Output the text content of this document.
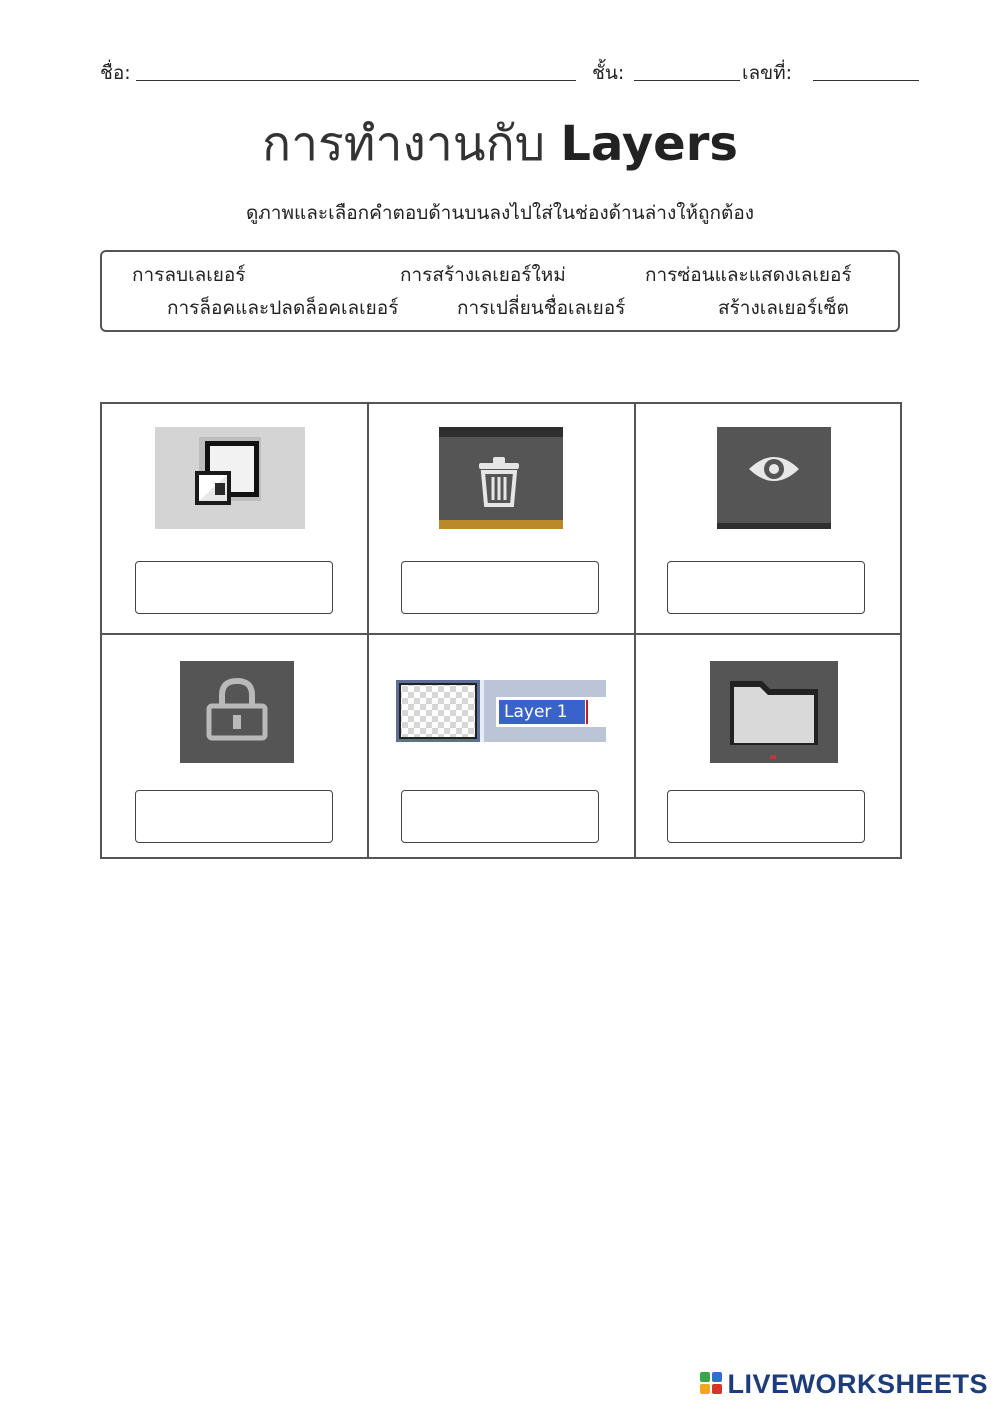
ชื่อ:	ชั้น:	เลขที่:
การทำงานกับ Layers
ดูภาพและเลือกคำตอบด้านบนลงไปใส่ในช่องด้านล่างให้ถูกต้อง
การลบเลเยอร์	การสร้างเลเยอร์ใหม่	การซ่อนและแสดงเลเยอร์
การล็อคและปลดล็อคเลเยอร์	การเปลี่ยนชื่อเลเยอร์	สร้างเลเยอร์เซ็ต
Layer 1
LIVEWORKSHEETS
